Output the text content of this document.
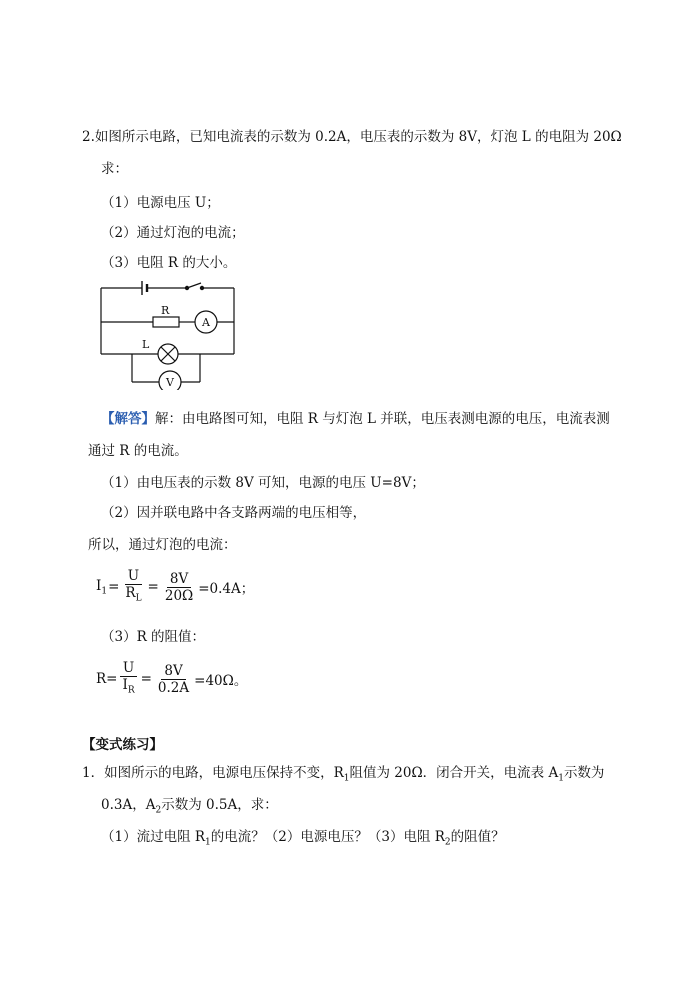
2.如图所示电路，已知电流表的示数为 0.2A，电压表的示数为 8V，灯泡 L 的电阻为 20Ω
求：
（1）电源电压 U；
（2）通过灯泡的电流；
（3）电阻 R 的大小。
R
A
L
V
【解答】解：由电路图可知，电阻 R 与灯泡 L 并联，电压表测电源的电压，电流表测
通过 R 的电流。
（1）由电压表的示数 8V 可知，电源的电压 U=8V；
（2）因并联电路中各支路两端的电压相等，
所以，通过灯泡的电流：
$I_1 = \frac{U}{R_L} = \frac{8V}{20\Omega} =0.4A$；
（3）R 的阻值：
$R= \frac{U}{I_R} = \frac{8V}{0.2A} =40\Omega$。
【变式练习】
1．如图所示的电路，电源电压保持不变，$R_1$阻值为 20Ω．闭合开关，电流表 $A_1$示数为
0.3A，$A_2$示数为 0.5A，求：
（1）流过电阻 $R_1$的电流？（2）电源电压？（3）电阻 $R_2$的阻值？
